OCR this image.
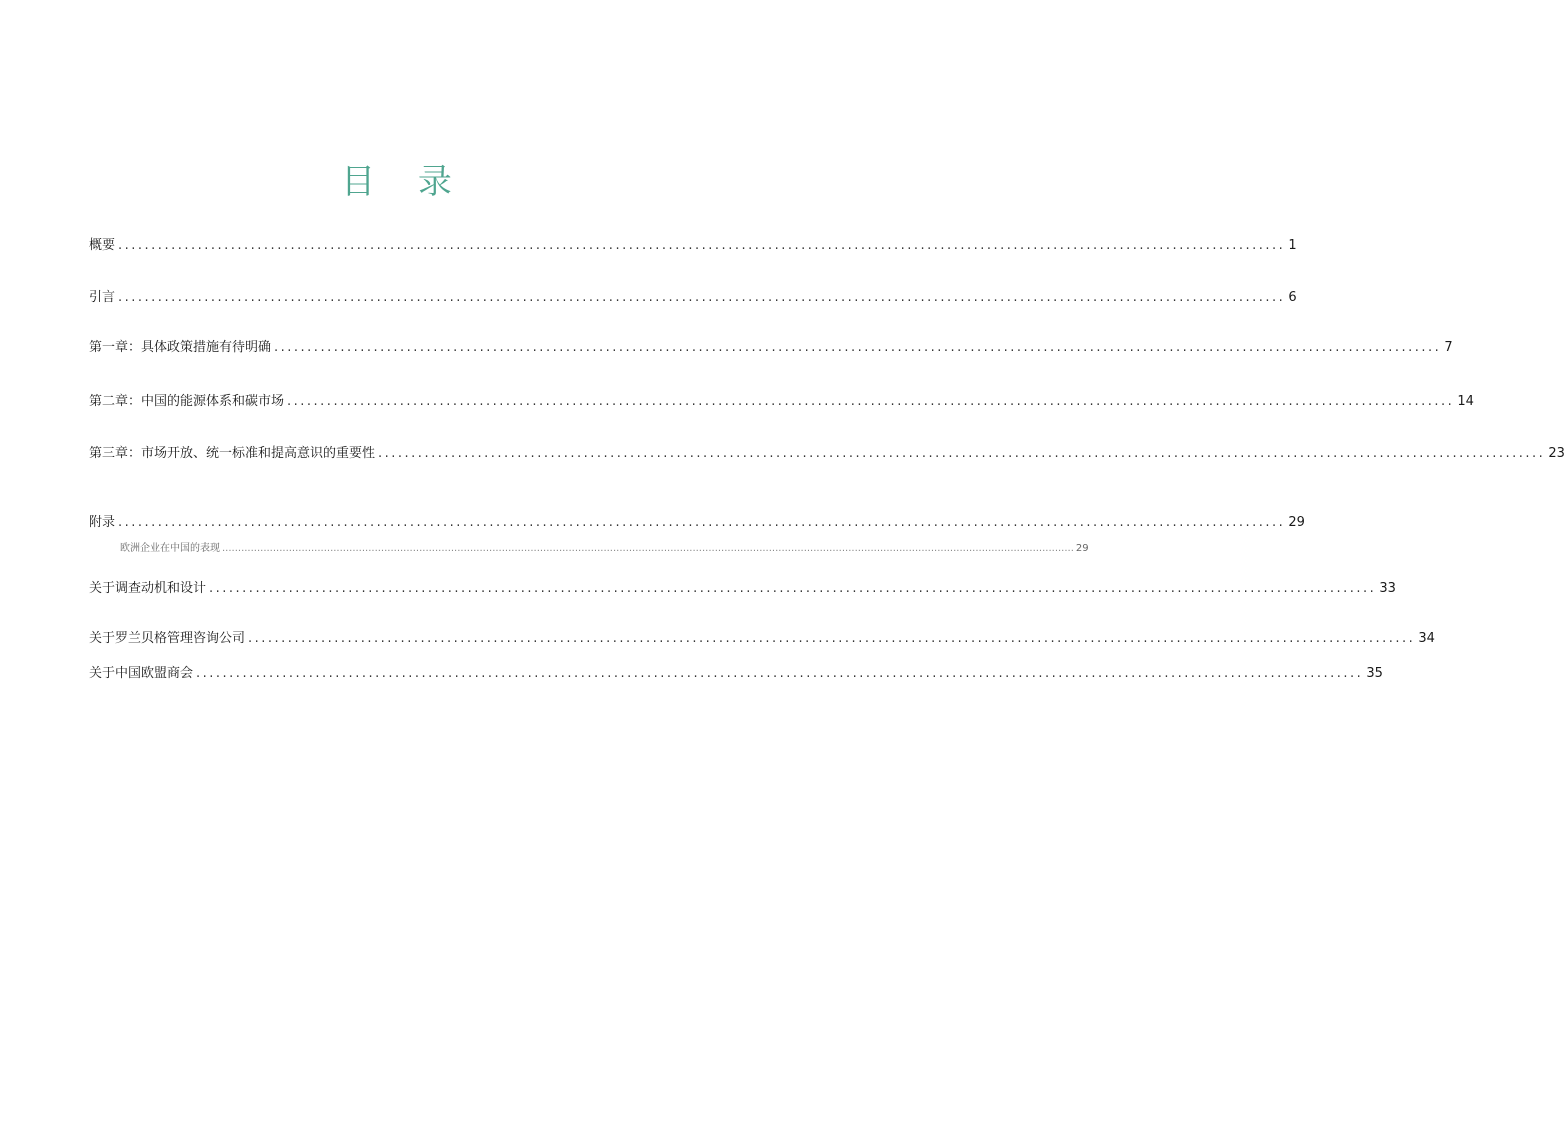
目 录
概要 ................................................................................................................................................................................ 1
引言 ................................................................................................................................................................................ 6
第一章：具体政策措施有待明确 ................................................................................................................................................................................ 7
第二章：中国的能源体系和碳市场 ................................................................................................................................................................................ 14
第三章：市场开放、统一标准和提高意识的重要性 ................................................................................................................................................................................ 23
附录 ................................................................................................................................................................................ 29
欧洲企业在中国的表现 ............................................................................................................................................................................................................................................................................ 29
关于调查动机和设计 ................................................................................................................................................................................ 33
关于罗兰贝格管理咨询公司 ................................................................................................................................................................................ 34
关于中国欧盟商会 ................................................................................................................................................................................ 35
